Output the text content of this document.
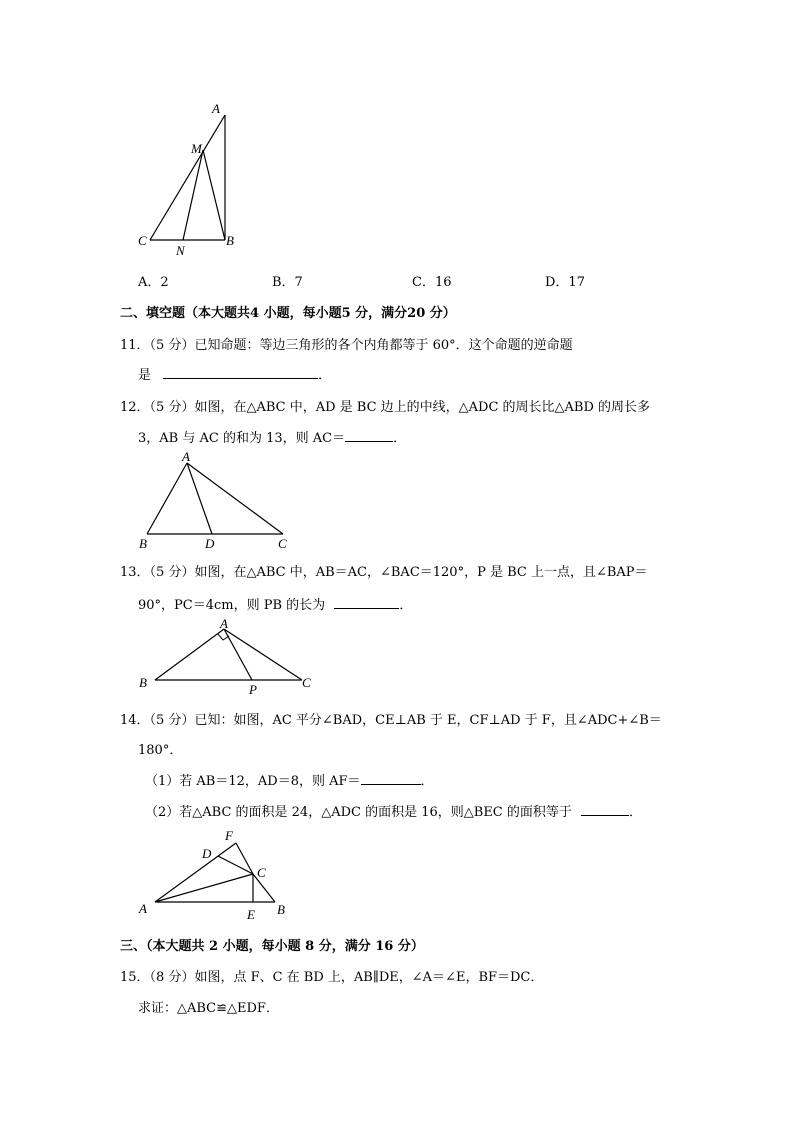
A
M
C
N
B
A．2	B．7	C．16	D．17
二、填空题（本大题共4 小题，每小题5 分，满分20 分）
11．（5 分）已知命题：等边三角形的各个内角都等于 60°．这个命题的逆命题
是	．
12．（5 分）如图，在△ABC 中，AD 是 BC 边上的中线，△ADC 的周长比△ABD 的周长多
3，AB 与 AC 的和为 13，则 AC＝	．
A
B	D	C
13．（5 分）如图，在△ABC 中，AB＝AC，∠BAC＝120°，P 是 BC 上一点，且∠BAP＝
90°，PC＝4cm，则 PB 的长为	．
A
B	P	C
14．（5 分）已知：如图，AC 平分∠BAD，CE⊥AB 于 E，CF⊥AD 于 F，且∠ADC+∠B＝
180°．
（1）若 AB＝12，AD＝8，则 AF＝	．
（2）若△ABC 的面积是 24，△ADC 的面积是 16，则△BEC 的面积等于	．
F
D
C
A	E B
三、（本大题共 2 小题，每小题 8 分，满分 16 分）
15．（8 分）如图，点 F、C 在 BD 上，AB∥DE，∠A＝∠E，BF＝DC．
求证：△ABC≌△EDF．
